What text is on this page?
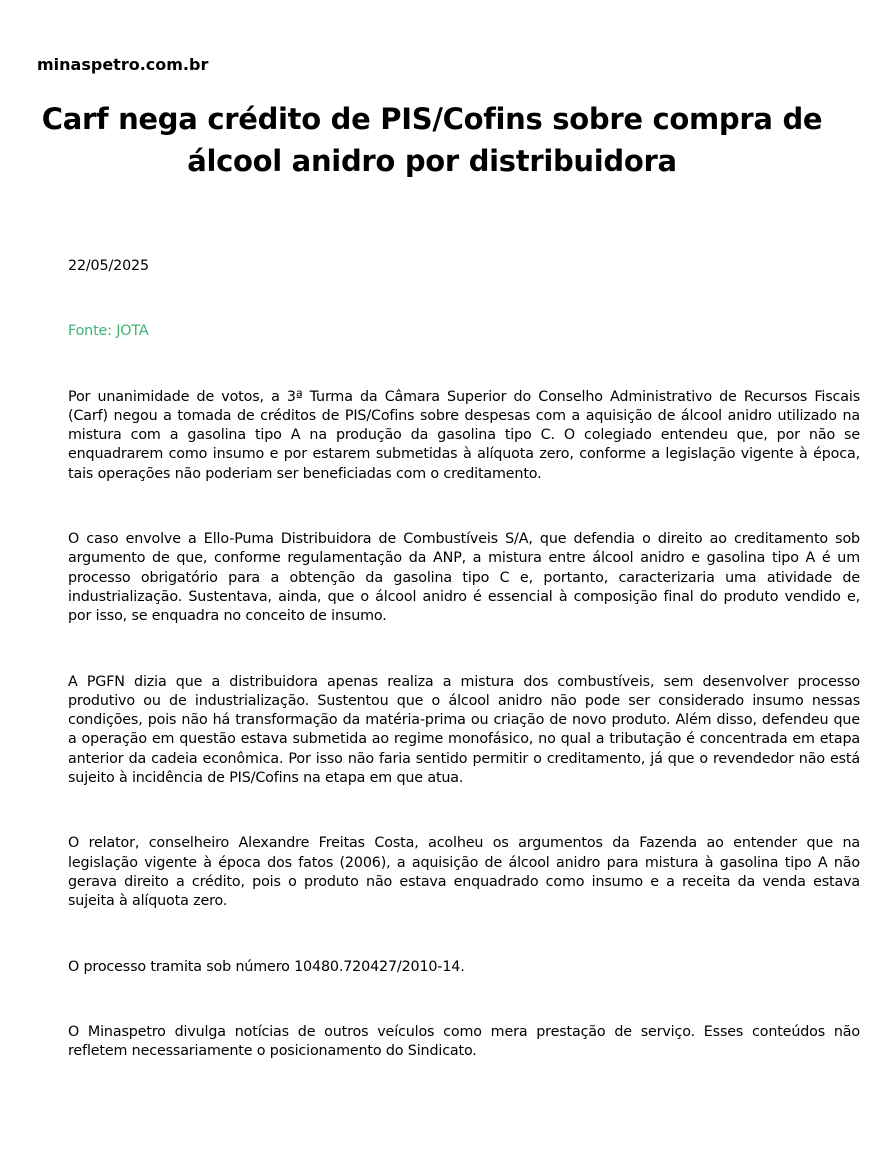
minaspetro.com.br
Carf nega crédito de PIS/Cofins sobre compra de álcool anidro por distribuidora

22/05/2025

Fonte: JOTA

Por unanimidade de votos, a 3ª Turma da Câmara Superior do Conselho Administrativo de Recursos Fiscais (Carf) negou a tomada de créditos de PIS/Cofins sobre despesas com a aquisição de álcool anidro utilizado na mistura com a gasolina tipo A na produção da gasolina tipo C. O colegiado entendeu que, por não se enquadrarem como insumo e por estarem submetidas à alíquota zero, conforme a legislação vigente à época, tais operações não poderiam ser beneficiadas com o creditamento.

O caso envolve a Ello-Puma Distribuidora de Combustíveis S/A, que defendia o direito ao creditamento sob argumento de que, conforme regulamentação da ANP, a mistura entre álcool anidro e gasolina tipo A é um processo obrigatório para a obtenção da gasolina tipo C e, portanto, caracterizaria uma atividade de industrialização. Sustentava, ainda, que o álcool anidro é essencial à composição final do produto vendido e, por isso, se enquadra no conceito de insumo.

A PGFN dizia que a distribuidora apenas realiza a mistura dos combustíveis, sem desenvolver processo produtivo ou de industrialização. Sustentou que o álcool anidro não pode ser considerado insumo nessas condições, pois não há transformação da matéria-prima ou criação de novo produto. Além disso, defendeu que a operação em questão estava submetida ao regime monofásico, no qual a tributação é concentrada em etapa anterior da cadeia econômica. Por isso não faria sentido permitir o creditamento, já que o revendedor não está sujeito à incidência de PIS/Cofins na etapa em que atua.

O relator, conselheiro Alexandre Freitas Costa, acolheu os argumentos da Fazenda ao entender que na legislação vigente à época dos fatos (2006), a aquisição de álcool anidro para mistura à gasolina tipo A não gerava direito a crédito, pois o produto não estava enquadrado como insumo e a receita da venda estava sujeita à alíquota zero.

O processo tramita sob número 10480.720427/2010-14.

O Minaspetro divulga notícias de outros veículos como mera prestação de serviço. Esses conteúdos não refletem necessariamente o posicionamento do Sindicato.
